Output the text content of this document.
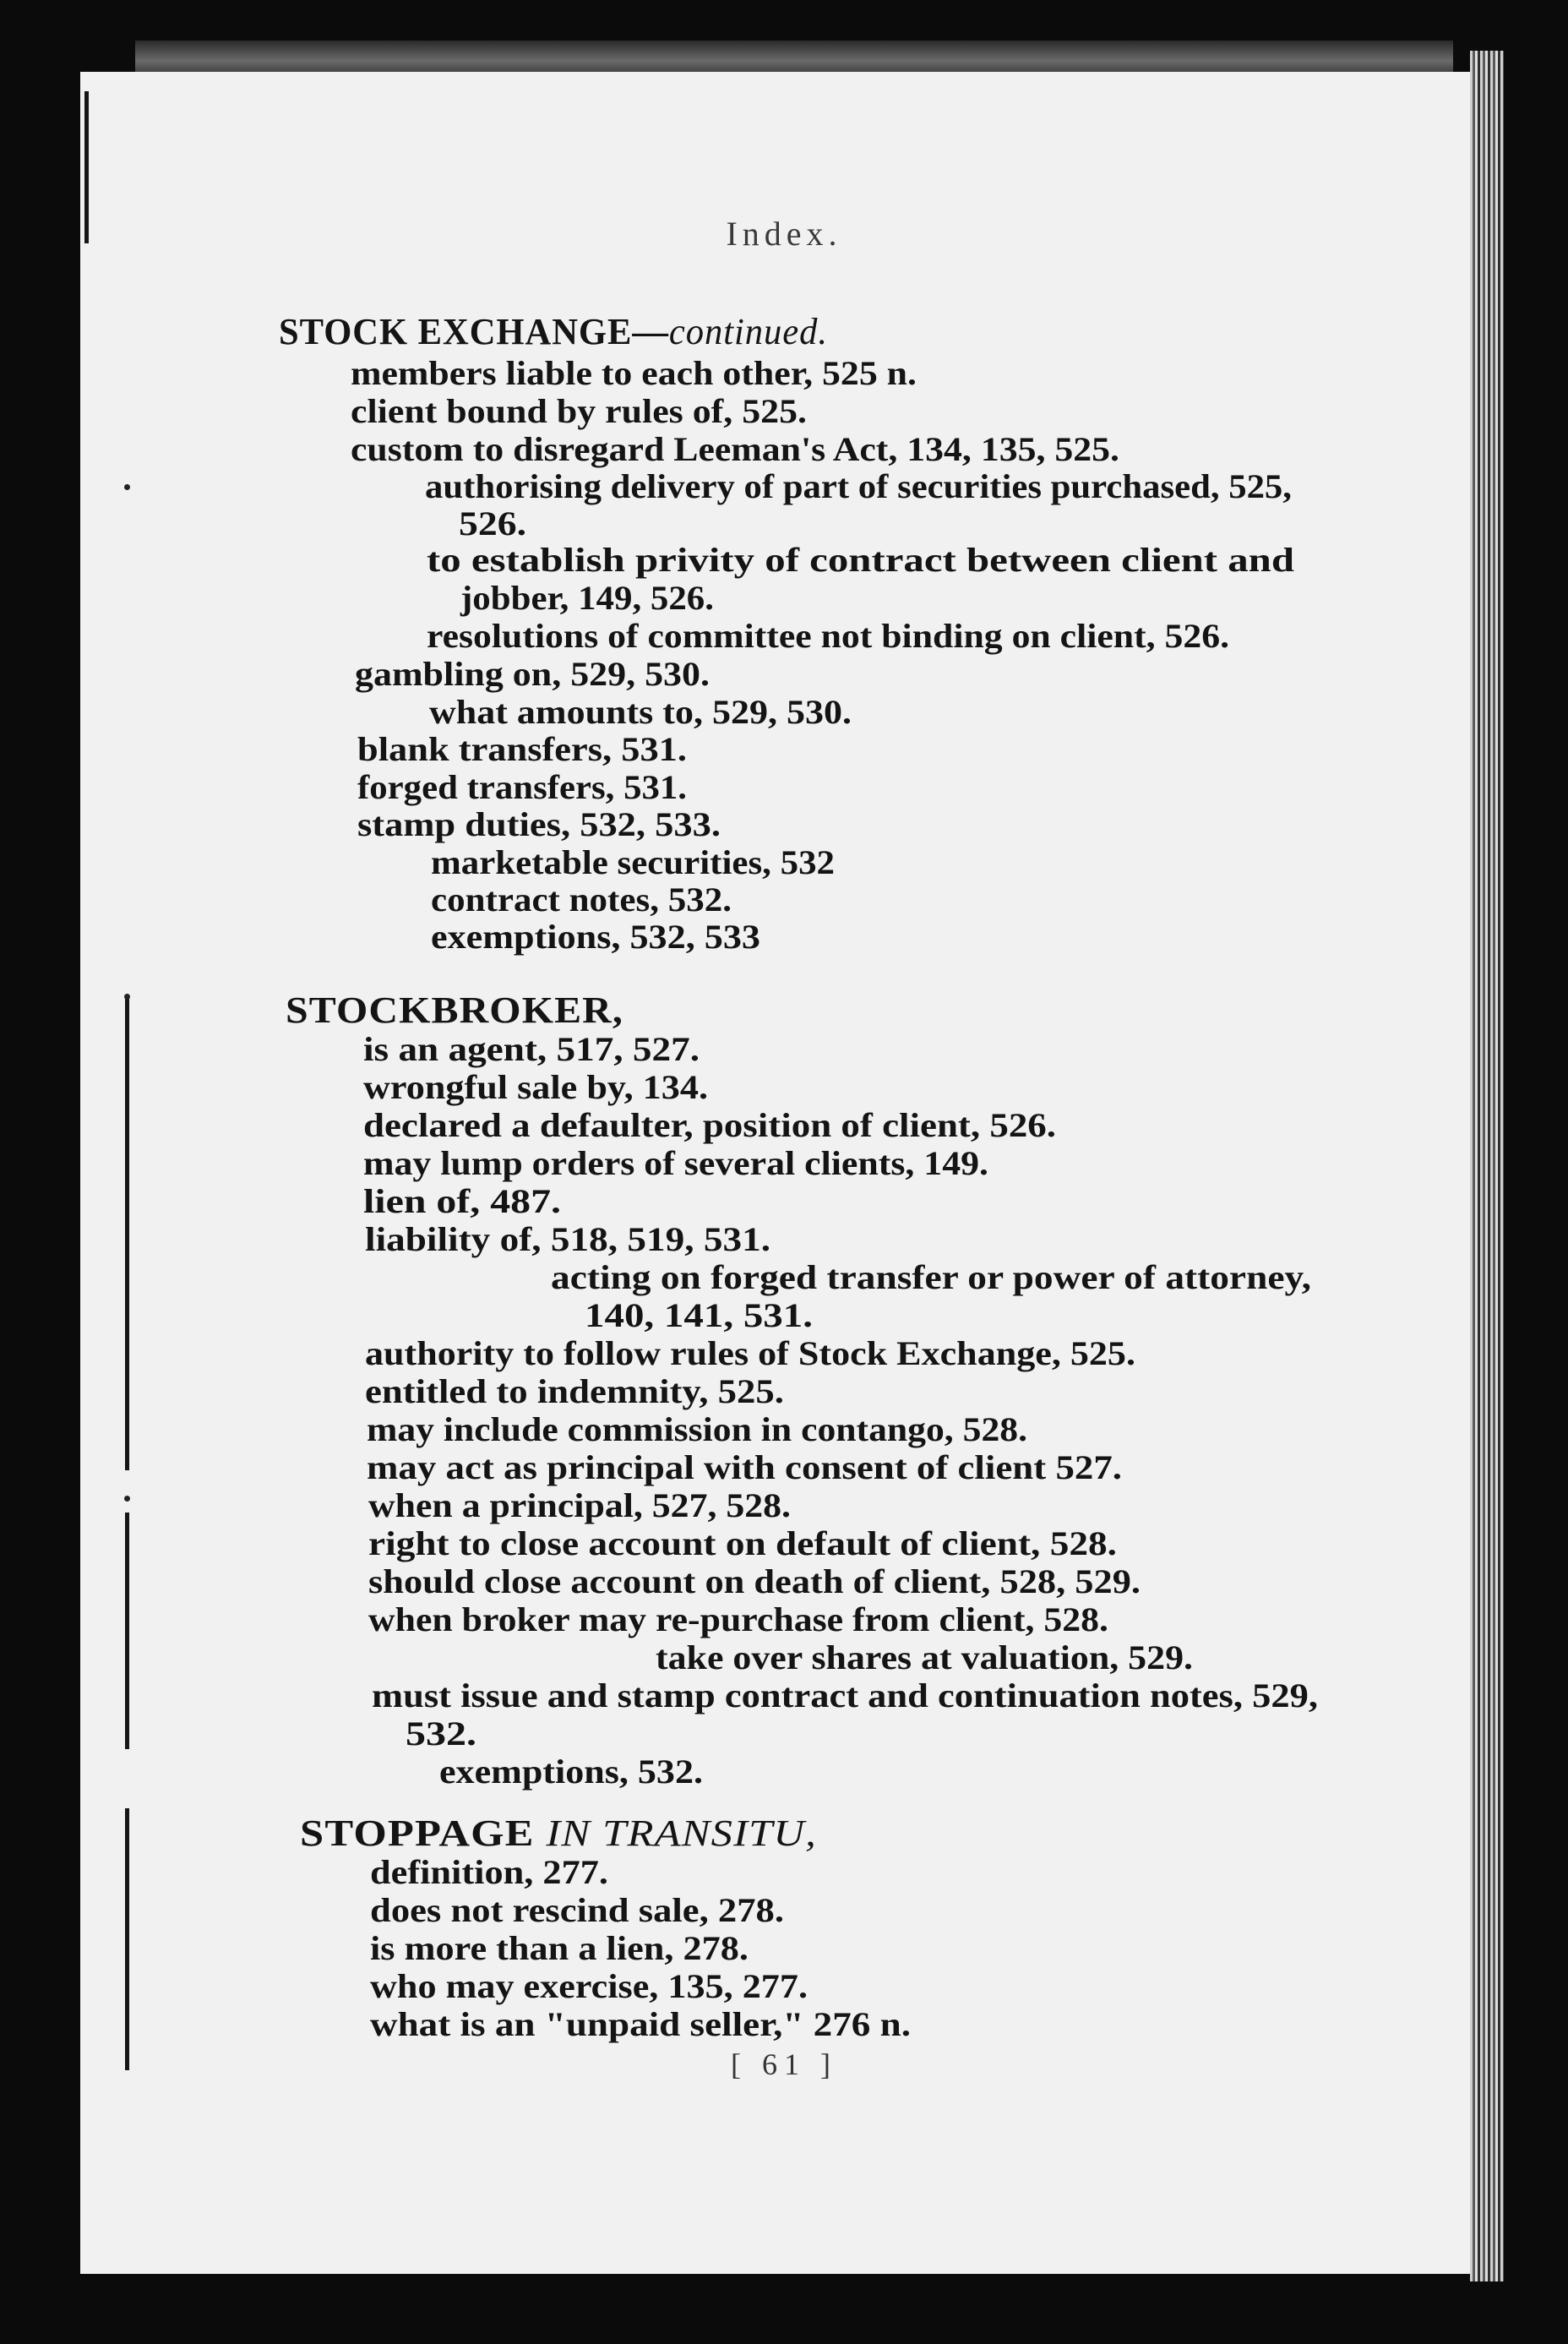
Index.
STOCK EXCHANGE—continued.
members liable to each other, 525 n.
client bound by rules of, 525.
custom to disregard Leeman's Act, 134, 135, 525.
authorising delivery of part of securities purchased, 525,
526.
to establish privity of contract between client and
jobber, 149, 526.
resolutions of committee not binding on client, 526.
gambling on, 529, 530.
what amounts to, 529, 530.
blank transfers, 531.
forged transfers, 531.
stamp duties, 532, 533.
marketable securities, 532
contract notes, 532.
exemptions, 532, 533
STOCKBROKER,
is an agent, 517, 527.
wrongful sale by, 134.
declared a defaulter, position of client, 526.
may lump orders of several clients, 149.
lien of, 487.
liability of, 518, 519, 531.
acting on forged transfer or power of attorney,
140, 141, 531.
authority to follow rules of Stock Exchange, 525.
entitled to indemnity, 525.
may include commission in contango, 528.
may act as principal with consent of client 527.
when a principal, 527, 528.
right to close account on default of client, 528.
should close account on death of client, 528, 529.
when broker may re-purchase from client, 528.
take over shares at valuation, 529.
must issue and stamp contract and continuation notes, 529,
532.
exemptions, 532.
STOPPAGE IN TRANSITU,
definition, 277.
does not rescind sale, 278.
is more than a lien, 278.
who may exercise, 135, 277.
what is an "unpaid seller," 276 n.
[ 61 ]
